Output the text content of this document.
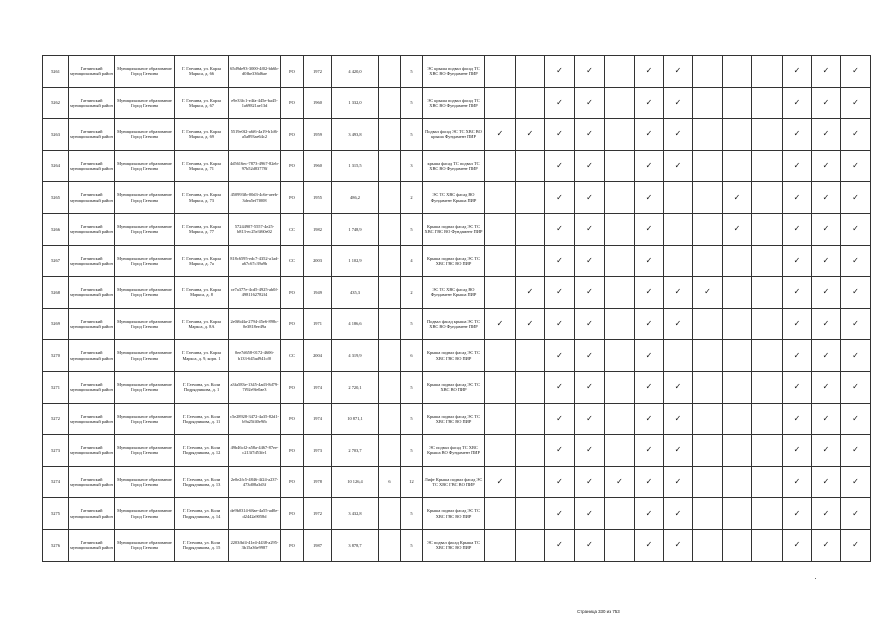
5261	Гатчинский муниципальный район	Муниципальное образование Город Гатчина	Г. Гатчина, ул. Карла Маркса, д. 66	65d9de93-3000-4f02-bb6b-d0fbe336d6ae	РО	1972	4 420,0		5	ЭС крыша подвал фасад ТС ХВС ВО Фундамент ПИР			✓	✓		✓	✓				✓	✓	✓
5262	Гатчинский муниципальный район	Муниципальное образование Город Гатчина	Г. Гатчина, ул. Карла Маркса, д. 67	e9e33fc1-e4fa-445e-ba45-1a69821ae13d	РО	1960	1 332,0		5	ЭС крыша подвал фасад ТС ХВС ВО Фундамент ПИР			✓	✓		✓	✓				✓	✓	✓
5263	Гатчинский муниципальный район	Муниципальное образование Город Гатчина	Г. Гатчина, ул. Карла Маркса, д. 69	5519e0f2-a6f6-4a19-b1d6-a5a893ae64c2	РО	1959	3 493,8		5	Подвал фасад ЭС ТС ХВС ВО крыша Фундамент ПИР	✓	✓	✓	✓		✓	✓				✓	✓	✓
5264	Гатчинский муниципальный район	Муниципальное образование Город Гатчина	Г. Гатчина, ул. Карла Маркса, д. 71	4d5616ec-7873-4967-82eb-97b52d83778f	РО	1960	1 315,5		3	крыша фасад ТС подвал ТС ХВС ВО Фундамент ПИР			✓	✓		✓	✓				✓	✓	✓
5265	Гатчинский муниципальный район	Муниципальное образование Город Гатчина	Г. Гатчина, ул. Карла Маркса, д. 73	450993fb-00d3-4c6e-aeeb-3dea5ef7f008	РО	1955	486,2		2	ЭС ТС ХВС фасад ВО Фундамент Крыша ПИР			✓	✓		✓			✓		✓	✓	✓
5266	Гатчинский муниципальный район	Муниципальное образование Город Гатчина	Г. Гатчина, ул. Карла Маркса, д. 77	57244907-5557-4e25-b813-ec25e3f60e02	СС	1982	1 748,9		5	Крыша подвал фасад ЭС ТС ХВС ГВС ВО Фундамент ПИР			✓	✓		✓			✓		✓	✓	✓
5267	Гатчинский муниципальный район	Муниципальное образование Город Гатчина	Г. Гатчина, ул. Карла Маркса, д. 7а	818c6595-edc7-4352-a1ad-a67c67c39a9b	СС	2003	1 102,9		4	Крыша подвал фасад ЭС ТС ХВС ГВС ВО ПИР			✓	✓		✓					✓	✓	✓
5268	Гатчинский муниципальный район	Муниципальное образование Город Гатчина	Г. Гатчина, ул. Карла Маркса, д. 8	ce7a377e-4cd5-4925-ab0f-4981162782f4	РО	1949	435,3		2	ЭС ТС ХВС фасад ВО Фундамент Крыша ПИР		✓	✓	✓		✓	✓	✓			✓	✓	✓
5269	Гатчинский муниципальный район	Муниципальное образование Город Гатчина	Г. Гатчина, ул. Карла Маркса, д. 8А	2e0f6d4a-2794-45e6-898c-0e3818ee49a	РО	1971	4 186,6		5	Подвал фасад крыша ЭС ТС ХВС ВО Фундамент ПИР	✓	✓	✓	✓		✓	✓				✓	✓	✓
5270	Гатчинский муниципальный район	Муниципальное образование Город Гатчина	Г. Гатчина, ул. Карла Маркса, д. 9, корп. 1	0ee7d658-0172-4606-b133-645ad941cf0	СС	2004	4 319,9		6	Крыша подвал фасад ЭС ТС ХВС ГВС ВО ПИР			✓	✓		✓					✓	✓	✓
5271	Гатчинский муниципальный район	Муниципальное образование Город Гатчина	Г. Гатчина, ул. Коли Подрядчикова, д. 1	a3fa583e-1345-4ad3-8d79-7f92e9fe0ae3	РО	1974	2 720,1		5	Крыша подвал фасад ЭС ТС ХВС ВО ПИР			✓	✓		✓	✓				✓	✓	✓
5272	Гатчинский муниципальный район	Муниципальное образование Город Гатчина	Г. Гатчина, ул. Коли Подрядчикова, д. 11	c5e28928-3472-4a35-82d1-b9a25f40e9fb	РО	1974	10 871,1		5	Крыша подвал фасад ЭС ТС ХВС ГВС ВО ПИР			✓	✓		✓	✓				✓	✓	✓
5273	Гатчинский муниципальный район	Муниципальное образование Город Гатчина	Г. Гатчина, ул. Коли Подрядчикова, д. 12	49b46cf2-a58a-4467-87ee-c213f7d53fe1	РО	1973	2 703,7		5	ЭС подвал фасад ТС ХВС Крыша ВО Фундамент ПИР			✓	✓		✓	✓				✓	✓	✓
5274	Гатчинский муниципальный район	Муниципальное образование Город Гатчина	Г. Гатчина, ул. Коли Подрядчикова, д. 13	2e0e2fc5-4846-4f24-a237-473d08a3d3f	РО	1978	10 126,4	6	12	Лифт Крыша подвал фасад ЭС ТС ХВС ГВС ВО ПИР	✓		✓	✓	✓	✓	✓				✓	✓	✓
5275	Гатчинский муниципальный район	Муниципальное образование Город Гатчина	Г. Гатчина, ул. Коли Подрядчикова, д. 14	de9b0314-68ae-4a55-ad0e-d2442a9058d	РО	1972	3 432,8		5	Крыша подвал фасад ЭС ТС ХВС ГВС ВО ПИР			✓	✓		✓	✓				✓	✓	✓
5276	Гатчинский муниципальный район	Муниципальное образование Город Гатчина	Г. Гатчина, ул. Коли Подрядчикова, д. 15	2203fbf4-41e4-4438-a295-3b15a36e9987	РО	1987	3 878,7		5	ЭС подвал фасад Крыша ТС ХВС ГВС ВО ПИР			✓	✓		✓	✓				✓	✓	✓
Страница 330 из 753
